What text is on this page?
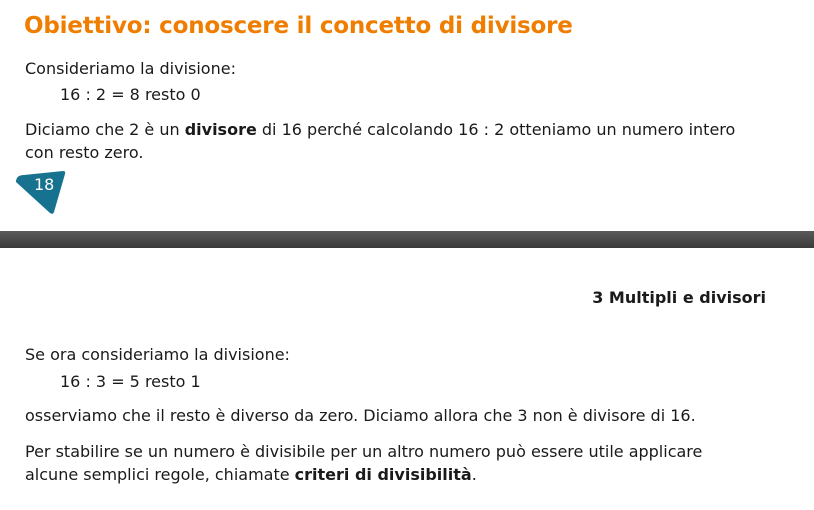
Obiettivo: conoscere il concetto di divisore

Consideriamo la divisione:

16 : 2 = 8 resto 0

Diciamo che 2 è un divisore di 16 perché calcolando 16 : 2 otteniamo un numero intero

con resto zero.

18
3 Multipli e divisori

Se ora consideriamo la divisione:

16 : 3 = 5 resto 1

osserviamo che il resto è diverso da zero. Diciamo allora che 3 non è divisore di 16.

Per stabilire se un numero è divisibile per un altro numero può essere utile applicare

alcune semplici regole, chiamate criteri di divisibilità.
